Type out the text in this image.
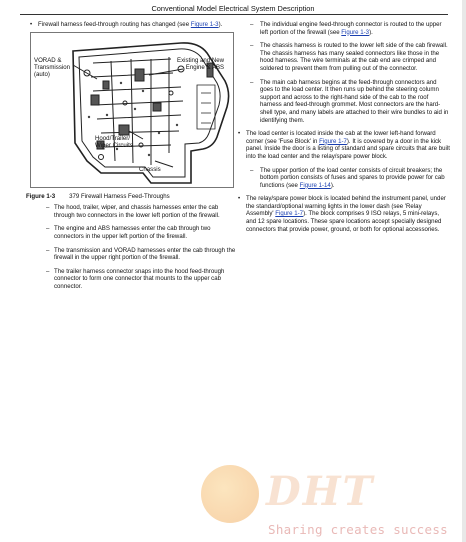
Conventional Model Electrical System Description
• Firewall harness feed-through routing has changed (see Figure 1-3).
VORAD &
Transmission
(auto)
Existing and New
Engine & ABS
Hood/Trailer/
Wiper Circuits
Chassis
Figure 1-3 379 Firewall Harness Feed-Throughs
– The hood, trailer, wiper, and chassis harnesses enter the cab through two connectors in the lower left portion of the firewall.
– The engine and ABS harnesses enter the cab through two connectors in the upper left portion of the firewall.
– The transmission and VORAD harnesses enter the cab through the firewall in the upper right portion of the firewall.
– The trailer harness connector snaps into the hood feed-through connector to form one connector that mounts to the upper cab connector.
– The individual engine feed-through connector is routed to the upper left portion of the firewall (see Figure 1-3).
– The chassis harness is routed to the lower left side of the cab firewall. The chassis harness has many sealed connectors like those in the hood harness. The wire terminals at the cab end are crimped and soldered to prevent them from pulling out of the connector.
– The main cab harness begins at the feed-through connectors and goes to the load center. It then runs up behind the steering column support and across to the right-hand side of the cab to the roof harness and feed-through grommet. Most connectors are the hard-shell type, and many labels are attached to their wire bundles to aid in identifying them.
• The load center is located inside the cab at the lower left-hand forward corner (see 'Fuse Block' in Figure 1-7). It is covered by a door in the kick panel. Inside the door is a listing of standard and spare circuits that are built into the load center and the relay/spare power block.
– The upper portion of the load center consists of circuit breakers; the bottom portion consists of fuses and spares to provide power for cab functions (see Figure 1-14).
• The relay/spare power block is located behind the instrument panel, under the standard/optional warning lights in the lower dash (see 'Relay Assembly' Figure 1-7). The block comprises 9 ISO relays, 5 mini-relays, and 12 spare locations. These spare locations accept specially designed connectors that provide power, ground, or both for optional accessories.
DHT
Sharing creates success
